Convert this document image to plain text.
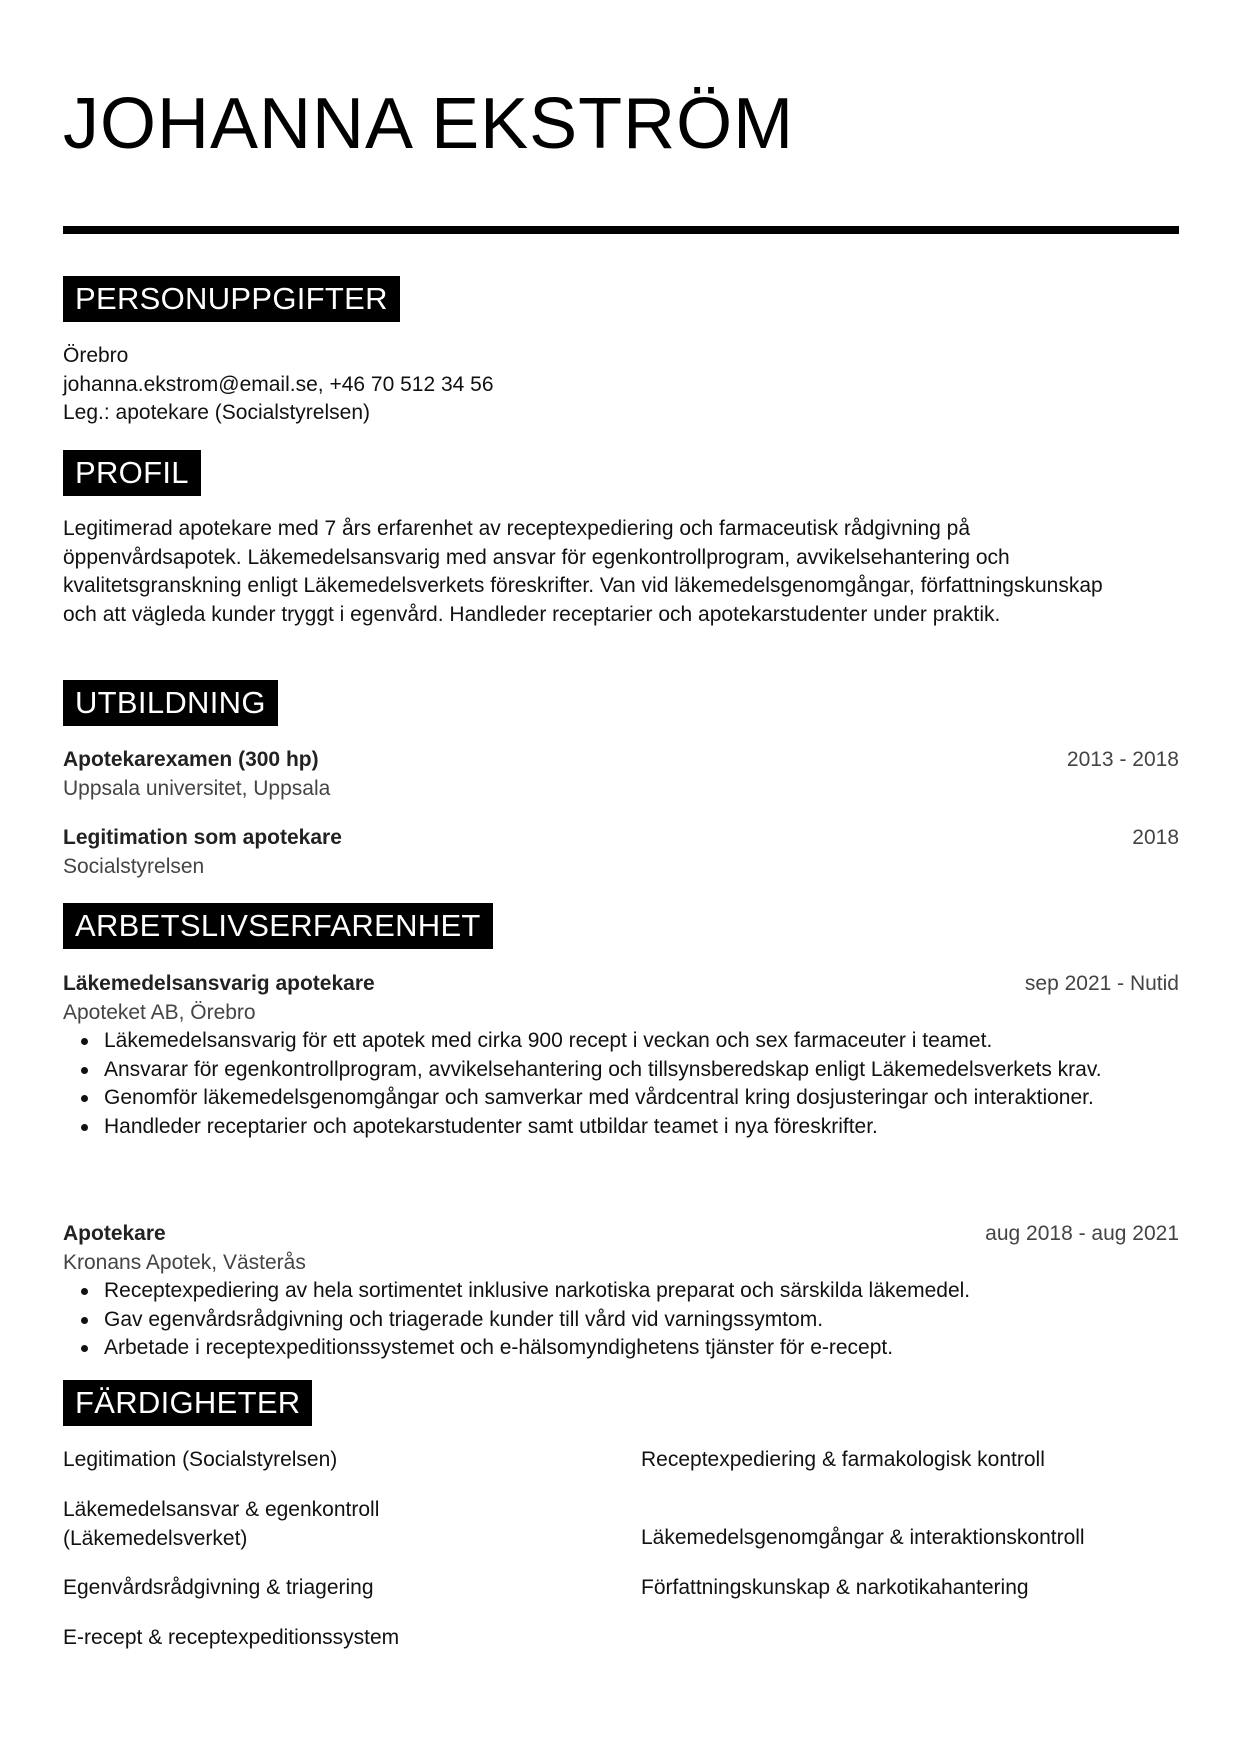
JOHANNA EKSTRÖM
PERSONUPPGIFTER

Örebro

johanna.ekstrom@email.se, +46 70 512 34 56

Leg.: apotekare (Socialstyrelsen)

PROFIL

Legitimerad apotekare med 7 års erfarenhet av receptexpediering och farmaceutisk rådgivning på öppenvårdsapotek. Läkemedelsansvarig med ansvar för egenkontrollprogram, avvikelsehantering och kvalitetsgranskning enligt Läkemedelsverkets föreskrifter. Van vid läkemedelsgenomgångar, författningskunskap och att vägleda kunder tryggt i egenvård. Handleder receptarier och apotekarstudenter under praktik.

UTBILDNING
Apotekarexamen (300 hp)	2013 - 2018
Uppsala universitet, Uppsala
Legitimation som apotekare	2018
Socialstyrelsen
ARBETSLIVSERFARENHET
Läkemedelsansvarig apotekare	sep 2021 - Nutid
Apoteket AB, Örebro
Läkemedelsansvarig för ett apotek med cirka 900 recept i veckan och sex farmaceuter i teamet.
Ansvarar för egenkontrollprogram, avvikelsehantering och tillsynsberedskap enligt Läkemedelsverkets krav.
Genomför läkemedelsgenomgångar och samverkar med vårdcentral kring dosjusteringar och interaktioner.
Handleder receptarier och apotekarstudenter samt utbildar teamet i nya föreskrifter.
Apotekare	aug 2018 - aug 2021
Kronans Apotek, Västerås
Receptexpediering av hela sortimentet inklusive narkotiska preparat och särskilda läkemedel.
Gav egenvårdsrådgivning och triagerade kunder till vård vid varningssymtom.
Arbetade i receptexpeditionssystemet och e-hälsomyndighetens tjänster för e-recept.
FÄRDIGHETER
Legitimation (Socialstyrelsen)	Receptexpediering & farmakologisk kontroll
Läkemedelsansvar & egenkontroll (Läkemedelsverket)	Läkemedelsgenomgångar & interaktionskontroll
Egenvårdsrådgivning & triagering	Författningskunskap & narkotikahantering
E-recept & receptexpeditionssystem
